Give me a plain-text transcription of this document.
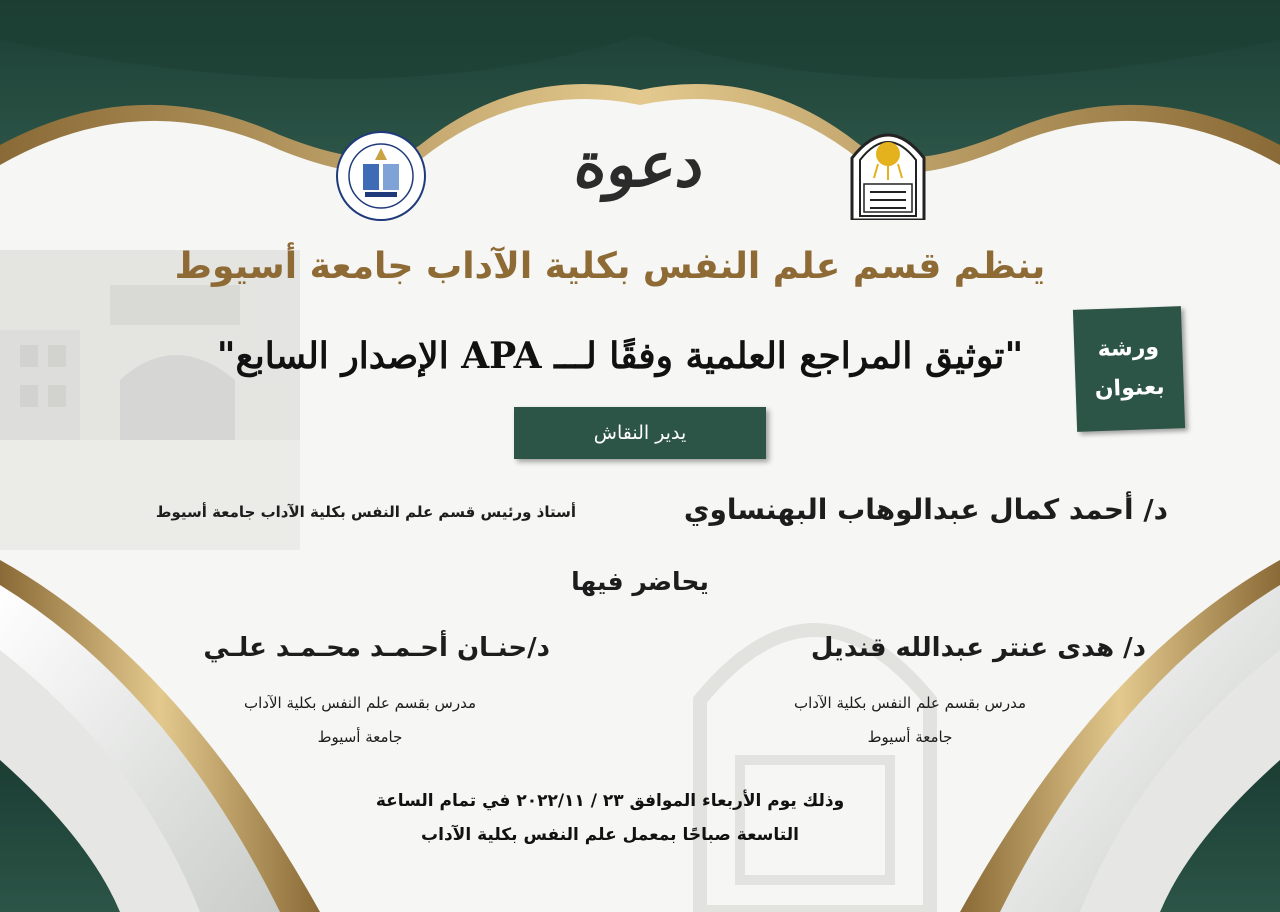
دعوة
ينظم قسم علم النفس بكلية الآداب جامعة أسيوط
ورشة
بعنوان
"توثيق المراجع العلمية وفقًا لـــ APA الإصدار السابع"
يدير النقاش
د/ أحمد كمال عبدالوهاب البهنساوي
أستاذ ورئيس قسم علم النفس بكلية الآداب جامعة أسيوط
يحاضر فيها
د/ هدى عنتر عبدالله قنديل
مدرس بقسم علم النفس بكلية الآداب
جامعة أسيوط
د/حنـان أحـمـد محـمـد علـي
مدرس بقسم علم النفس بكلية الآداب
جامعة أسيوط
وذلك يوم الأربعاء الموافق ٢٣ / ٢٠٢٢/١١ في تمام الساعة
التاسعة صباحًا بمعمل علم النفس بكلية الآداب
